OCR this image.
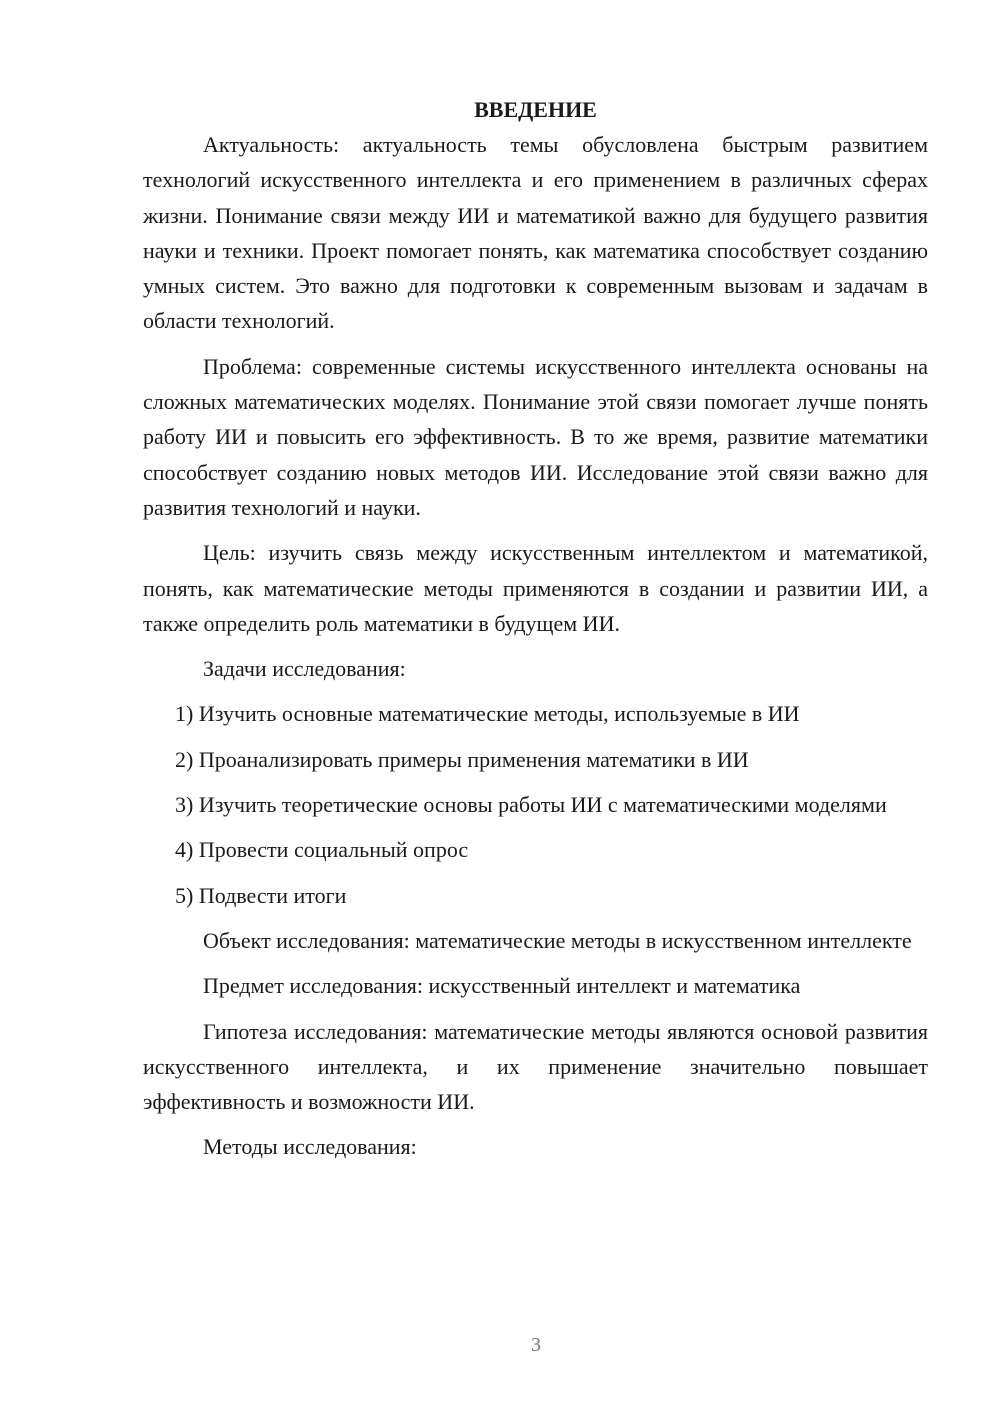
ВВЕДЕНИЕ

Актуальность: актуальность темы обусловлена быстрым развитием технологий искусственного интеллекта и его применением в различных сферах жизни. Понимание связи между ИИ и математикой важно для будущего развития науки и техники. Проект помогает понять, как математика способствует созданию умных систем. Это важно для подготовки к современным вызовам и задачам в области технологий.

Проблема: современные системы искусственного интеллекта основаны на сложных математических моделях. Понимание этой связи помогает лучше понять работу ИИ и повысить его эффективность. В то же время, развитие математики способствует созданию новых методов ИИ. Исследование этой связи важно для развития технологий и науки.

Цель: изучить связь между искусственным интеллектом и математикой, понять, как математические методы применяются в создании и развитии ИИ, а также определить роль математики в будущем ИИ.

Задачи исследования:

1) Изучить основные математические методы, используемые в ИИ

2) Проанализировать примеры применения математики в ИИ

3) Изучить теоретические основы работы ИИ с математическими моделями

4) Провести социальный опрос

5) Подвести итоги

Объект исследования: математические методы в искусственном интеллекте

Предмет исследования: искусственный интеллект и математика

Гипотеза исследования: математические методы являются основой развития искусственного интеллекта, и их применение значительно повышает эффективность и возможности ИИ.

Методы исследования:

3
